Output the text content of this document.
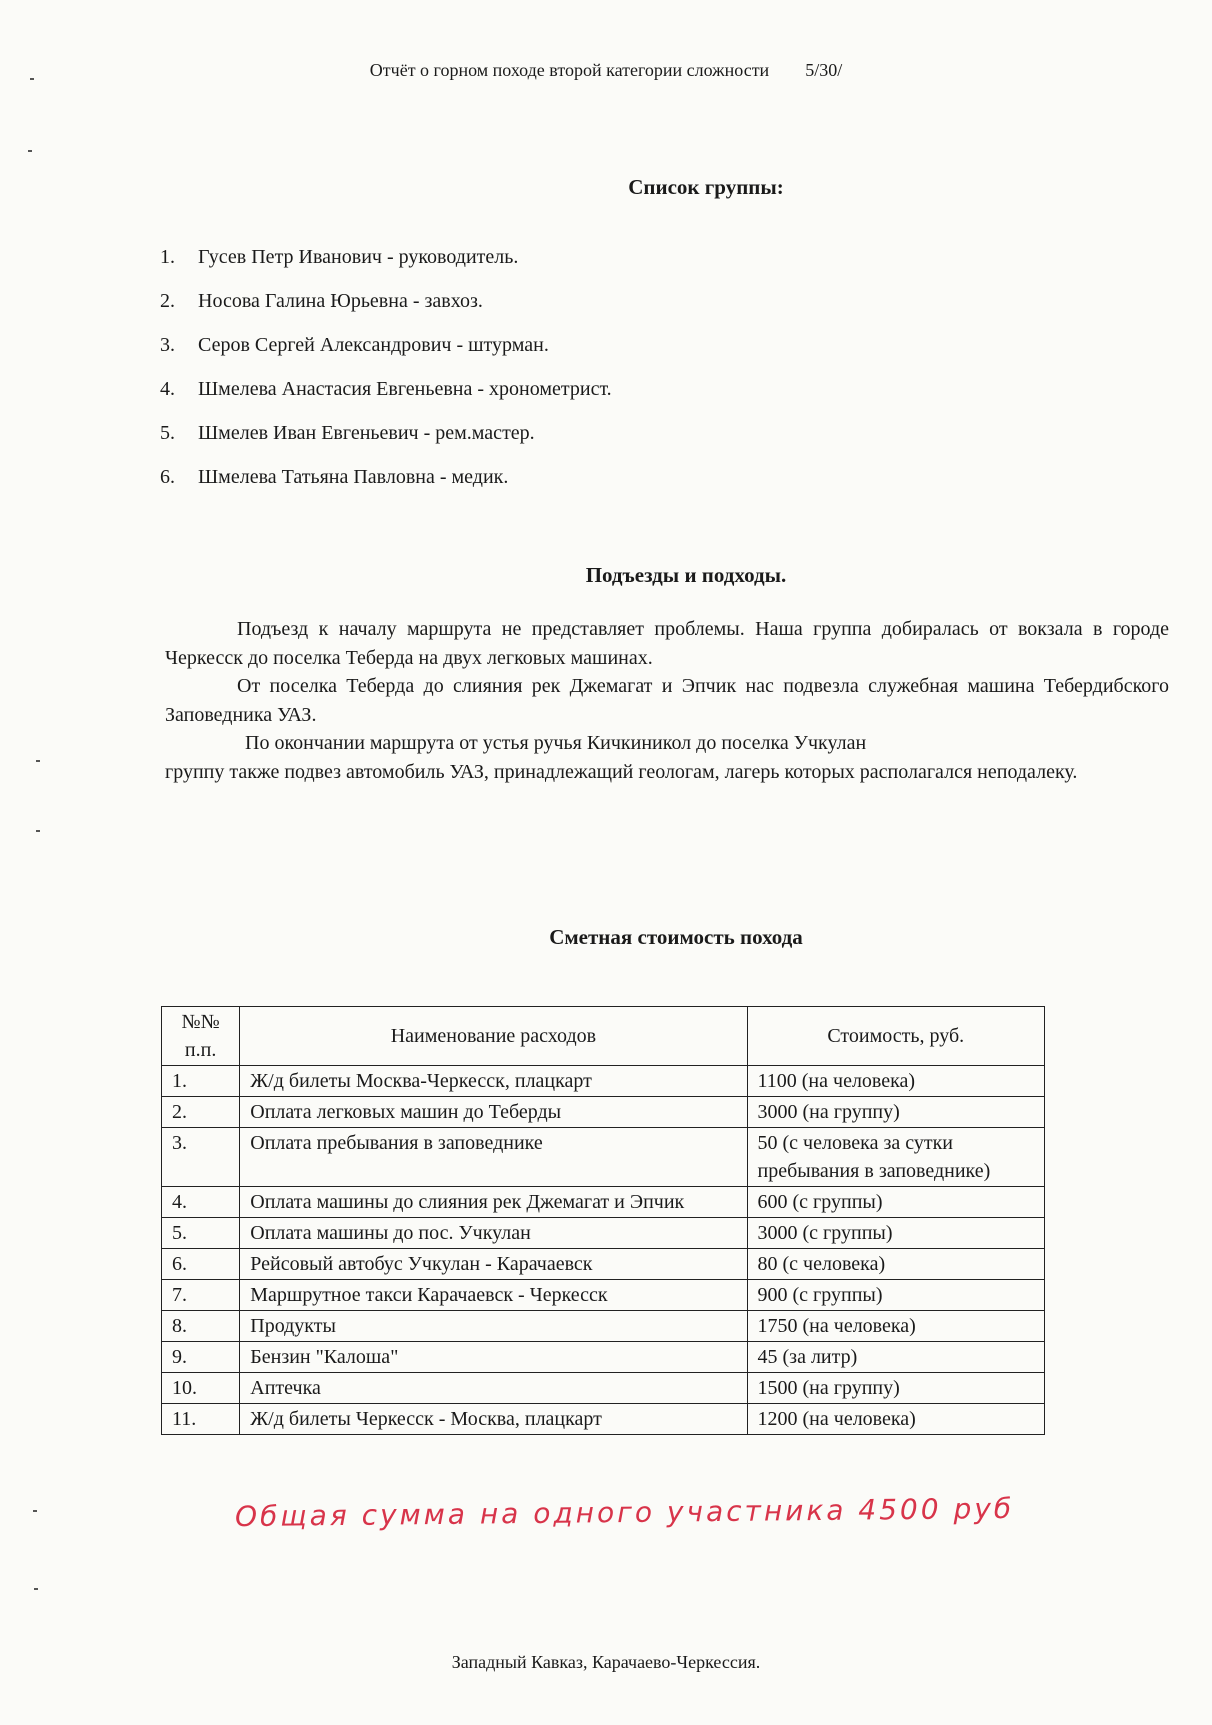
Отчёт о горном походе второй категории сложности 5/30/
Список группы:
1. Гусев Петр Иванович - руководитель.
2. Носова Галина Юрьевна - завхоз.
3. Серов Сергей Александрович - штурман.
4. Шмелева Анастасия Евгеньевна - хронометрист.
5. Шмелев Иван Евгеньевич - рем.мастер.
6. Шмелева Татьяна Павловна - медик.
Подъезды и подходы.

Подъезд к началу маршрута не представляет проблемы. Наша группа добиралась от вокзала в городе Черкесск до поселка Теберда на двух легковых машинах.

От поселка Теберда до слияния рек Джемагат и Эпчик нас подвезла служебная машина Тебердибского Заповедника УАЗ.

По окончании маршрута от устья ручья Кичкиникол до поселка Учкулан

группу также подвез автомобиль УАЗ, принадлежащий геологам, лагерь которых располагался неподалеку.

Сметная стоимость похода
№№ п.п.	Наименование расходов	Стоимость, руб.
1.	Ж/д билеты Москва-Черкесск, плацкарт	1100 (на человека)
2.	Оплата легковых машин до Теберды	3000 (на группу)
3.	Оплата пребывания в заповеднике	50 (с человека за сутки пребывания в заповеднике)
4.	Оплата машины до слияния рек Джемагат и Эпчик	600 (с группы)
5.	Оплата машины до пос. Учкулан	3000 (с группы)
6.	Рейсовый автобус Учкулан - Карачаевск	80 (с человека)
7.	Маршрутное такси Карачаевск - Черкесск	900 (с группы)
8.	Продукты	1750 (на человека)
9.	Бензин "Калоша"	45 (за литр)
10.	Аптечка	1500 (на группу)
11.	Ж/д билеты Черкесск - Москва, плацкарт	1200 (на человека)
Общая сумма на одного участника 4500 руб
Западный Кавказ, Карачаево-Черкессия.
